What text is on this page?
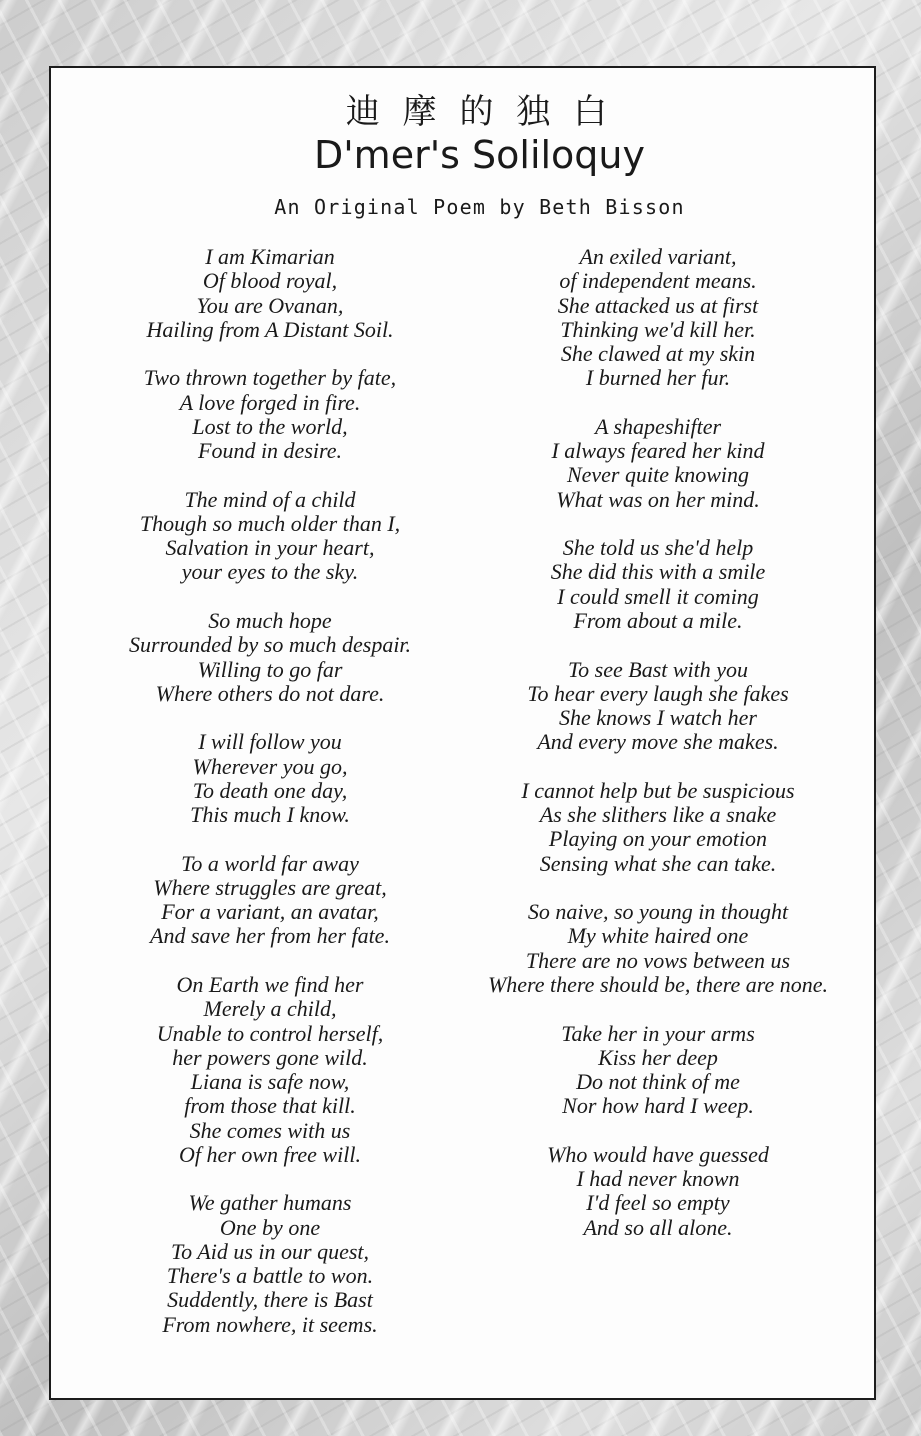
迪 摩 的 独 白
D'mer's Soliloquy
An Original Poem by Beth Bisson
I am Kimarian
Of blood royal,
You are Ovanan,
Hailing from A Distant Soil.
Two thrown together by fate,
A love forged in fire.
Lost to the world,
Found in desire.
The mind of a child
Though so much older than I,
Salvation in your heart,
your eyes to the sky.
So much hope
Surrounded by so much despair.
Willing to go far
Where others do not dare.
I will follow you
Wherever you go,
To death one day,
This much I know.
To a world far away
Where struggles are great,
For a variant, an avatar,
And save her from her fate.
On Earth we find her
Merely a child,
Unable to control herself,
her powers gone wild.
Liana is safe now,
from those that kill.
She comes with us
Of her own free will.
We gather humans
One by one
To Aid us in our quest,
There's a battle to won.
Suddently, there is Bast
From nowhere, it seems.
An exiled variant,
of independent means.
She attacked us at first
Thinking we'd kill her.
She clawed at my skin
I burned her fur.
A shapeshifter
I always feared her kind
Never quite knowing
What was on her mind.
She told us she'd help
She did this with a smile
I could smell it coming
From about a mile.
To see Bast with you
To hear every laugh she fakes
She knows I watch her
And every move she makes.
I cannot help but be suspicious
As she slithers like a snake
Playing on your emotion
Sensing what she can take.
So naive, so young in thought
My white haired one
There are no vows between us
Where there should be, there are none.
Take her in your arms
Kiss her deep
Do not think of me
Nor how hard I weep.
Who would have guessed
I had never known
I'd feel so empty
And so all alone.
